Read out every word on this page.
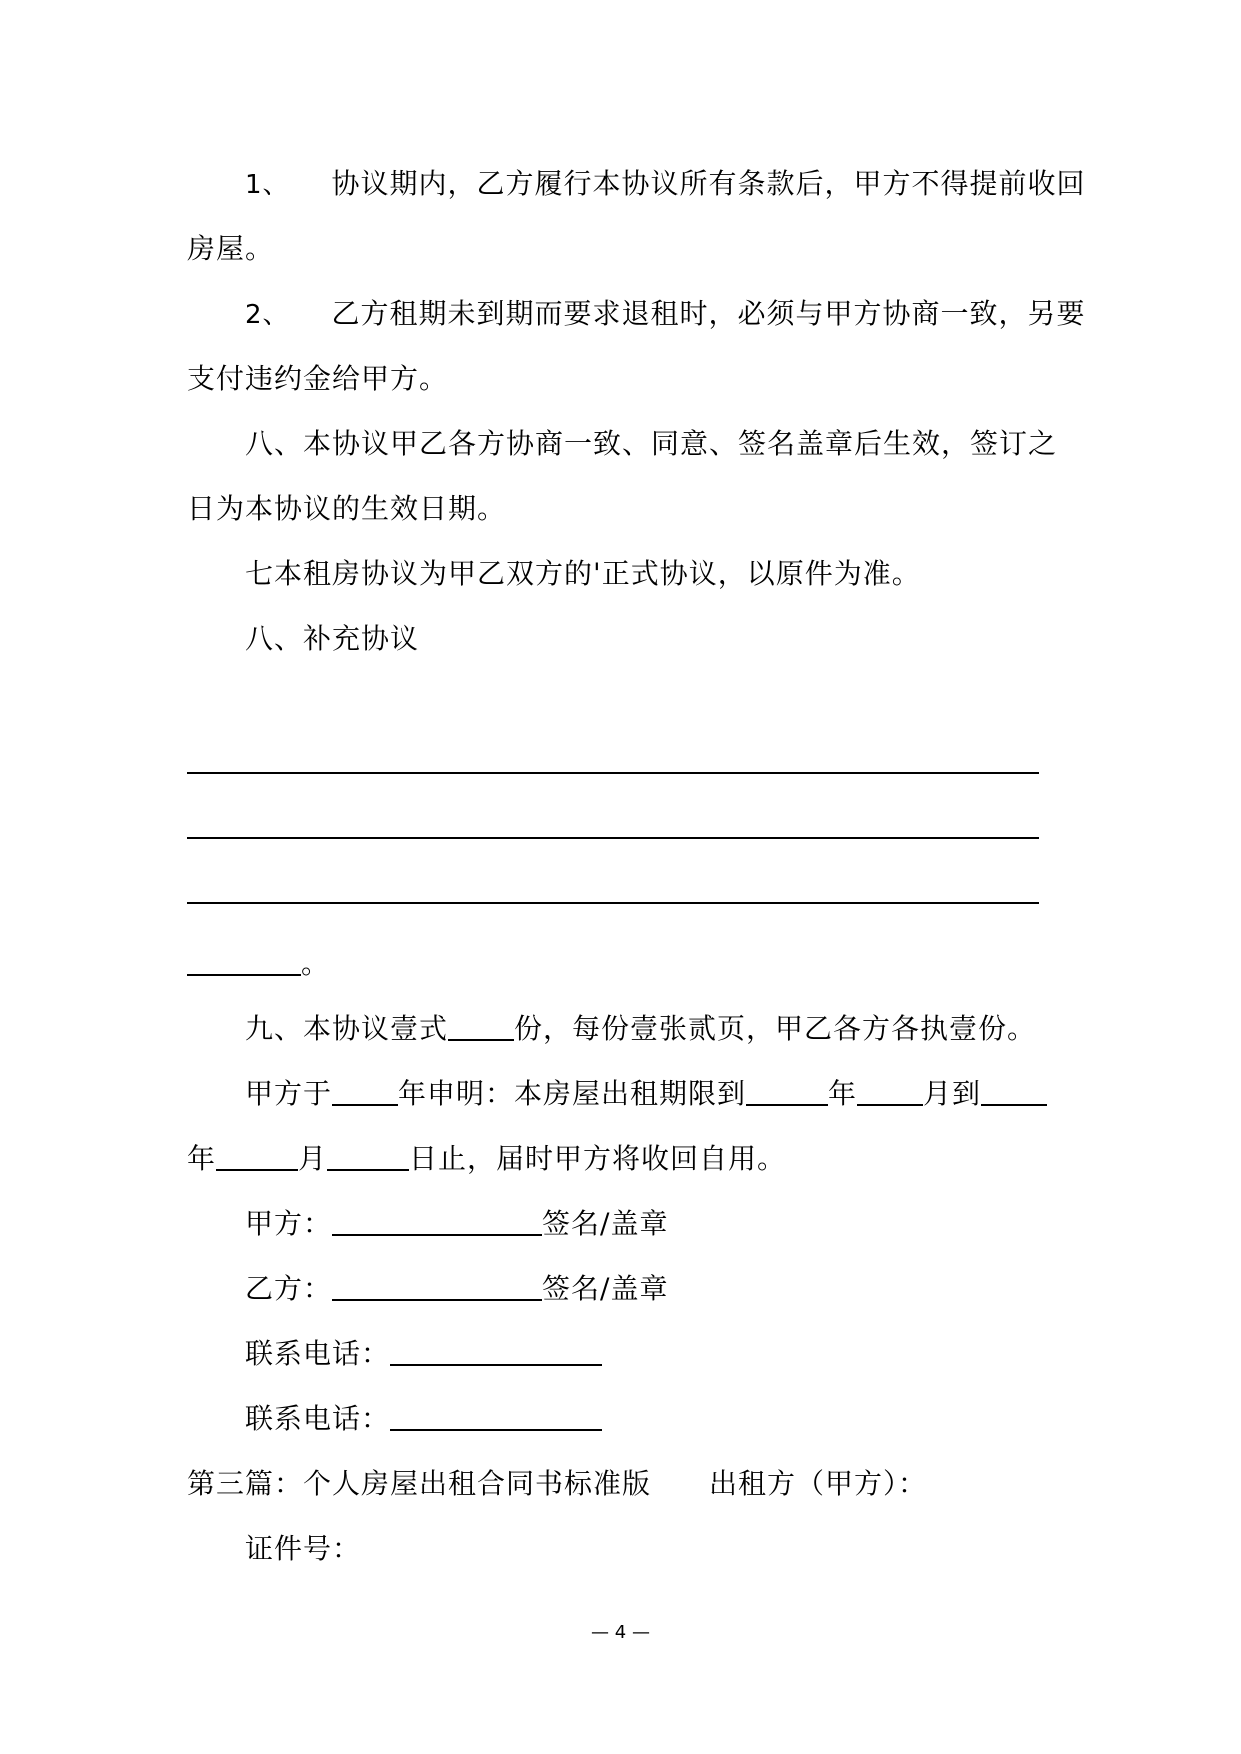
1、 协议期内，乙方履行本协议所有条款后，甲方不得提前收回
房屋。
2、 乙方租期未到期而要求退租时，必须与甲方协商一致，另要
支付违约金给甲方。
八、本协议甲乙各方协商一致、同意、签名盖章后生效，签订之
日为本协议的生效日期。
七本租房协议为甲乙双方的'正式协议，以原件为准。
八、补充协议
。
九、本协议壹式 份，每份壹张贰页，甲乙各方各执壹份。
甲方于 年申明：本房屋出租期限到	年 月到
年	月	日止，届时甲方将收回自用。
甲方：	签名/盖章
乙方：	签名/盖章
联系电话：
联系电话：
第三篇：个人房屋出租合同书标准版 出租方（甲方）：
证件号：
— 4 —
